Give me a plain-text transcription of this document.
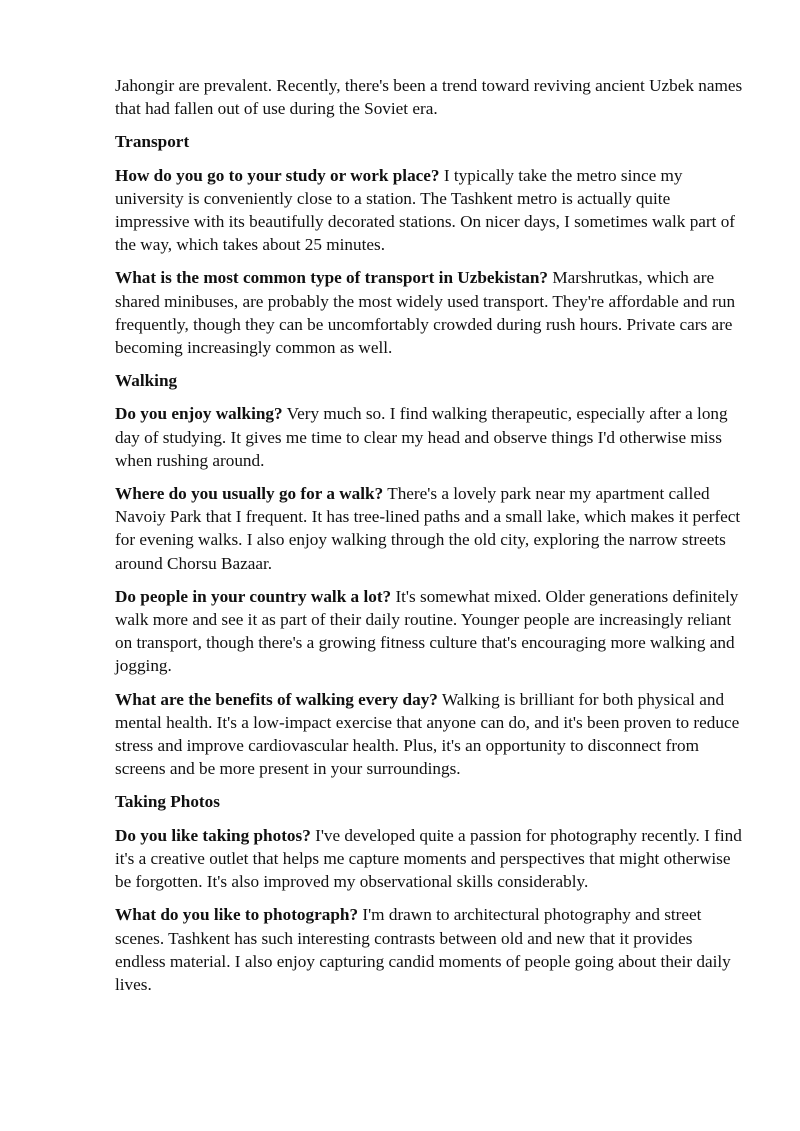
Jahongir are prevalent. Recently, there's been a trend toward reviving ancient Uzbek names that had fallen out of use during the Soviet era.

Transport

How do you go to your study or work place? I typically take the metro since my university is conveniently close to a station. The Tashkent metro is actually quite impressive with its beautifully decorated stations. On nicer days, I sometimes walk part of the way, which takes about 25 minutes.

What is the most common type of transport in Uzbekistan? Marshrutkas, which are shared minibuses, are probably the most widely used transport. They're affordable and run frequently, though they can be uncomfortably crowded during rush hours. Private cars are becoming increasingly common as well.

Walking

Do you enjoy walking? Very much so. I find walking therapeutic, especially after a long day of studying. It gives me time to clear my head and observe things I'd otherwise miss when rushing around.

Where do you usually go for a walk? There's a lovely park near my apartment called Navoiy Park that I frequent. It has tree-lined paths and a small lake, which makes it perfect for evening walks. I also enjoy walking through the old city, exploring the narrow streets around Chorsu Bazaar.

Do people in your country walk a lot? It's somewhat mixed. Older generations definitely walk more and see it as part of their daily routine. Younger people are increasingly reliant on transport, though there's a growing fitness culture that's encouraging more walking and jogging.

What are the benefits of walking every day? Walking is brilliant for both physical and mental health. It's a low-impact exercise that anyone can do, and it's been proven to reduce stress and improve cardiovascular health. Plus, it's an opportunity to disconnect from screens and be more present in your surroundings.

Taking Photos

Do you like taking photos? I've developed quite a passion for photography recently. I find it's a creative outlet that helps me capture moments and perspectives that might otherwise be forgotten. It's also improved my observational skills considerably.

What do you like to photograph? I'm drawn to architectural photography and street scenes. Tashkent has such interesting contrasts between old and new that it provides endless material. I also enjoy capturing candid moments of people going about their daily lives.
